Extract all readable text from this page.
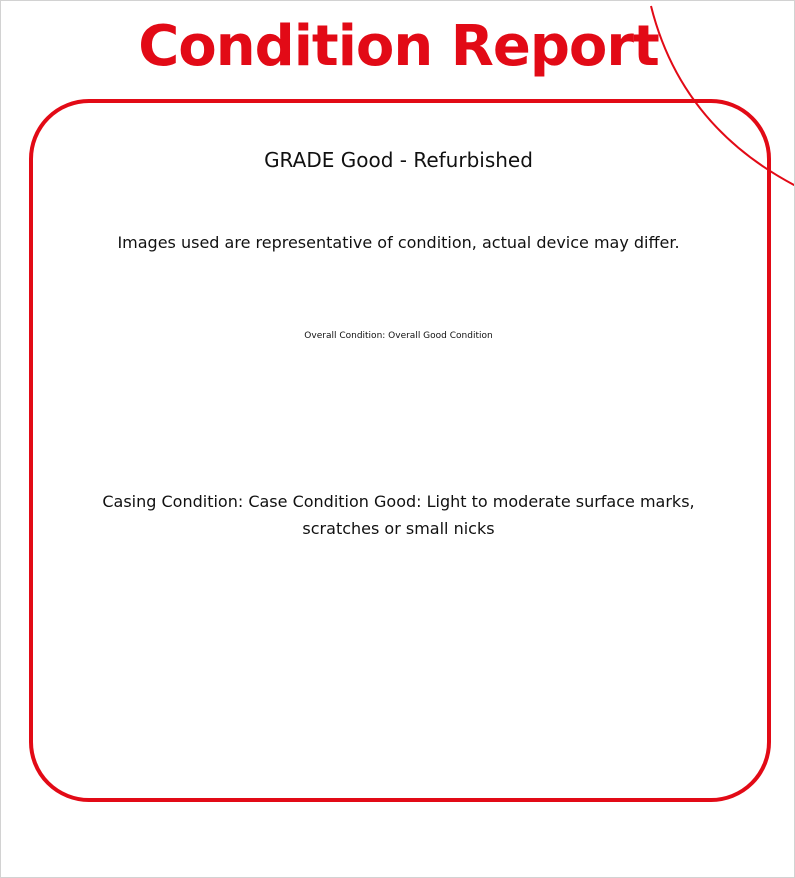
Condition Report
GRADE Good - Refurbished
Images used are representative of condition, actual device may differ.
Overall Condition: Overall Good Condition
Casing Condition: Case Condition Good: Light to moderate surface marks, scratches or small nicks
